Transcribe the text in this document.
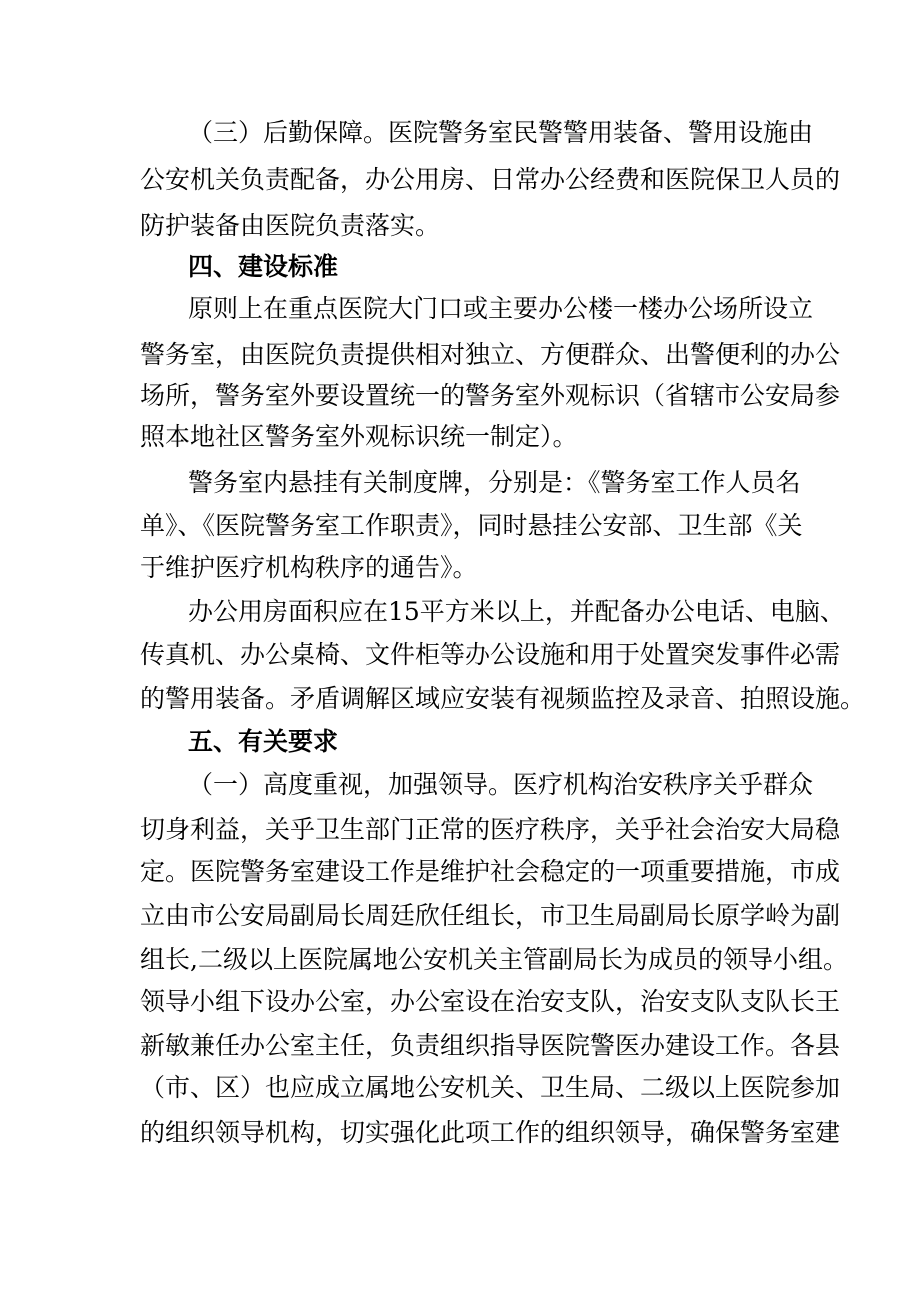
（三）后勤保障。医院警务室民警警用装备、警用设施由
公安机关负责配备，办公用房、日常办公经费和医院保卫人员的
防护装备由医院负责落实。
四、建设标准
原则上在重点医院大门口或主要办公楼一楼办公场所设立
警务室，由医院负责提供相对独立、方便群众、出警便利的办公
场所，警务室外要设置统一的警务室外观标识（省辖市公安局参
照本地社区警务室外观标识统一制定）。
警务室内悬挂有关制度牌，分别是：《警务室工作人员名
单》、《医院警务室工作职责》，同时悬挂公安部、卫生部《关
于维护医疗机构秩序的通告》。
办公用房面积应在15平方米以上，并配备办公电话、电脑、
传真机、办公桌椅、文件柜等办公设施和用于处置突发事件必需
的警用装备。矛盾调解区域应安装有视频监控及录音、拍照设施。
五、有关要求
（一）高度重视，加强领导。医疗机构治安秩序关乎群众
切身利益，关乎卫生部门正常的医疗秩序，关乎社会治安大局稳
定。医院警务室建设工作是维护社会稳定的一项重要措施，市成
立由市公安局副局长周廷欣任组长，市卫生局副局长原学岭为副
组长,二级以上医院属地公安机关主管副局长为成员的领导小组。
领导小组下设办公室，办公室设在治安支队，治安支队支队长王
新敏兼任办公室主任，负责组织指导医院警医办建设工作。各县
（市、区）也应成立属地公安机关、卫生局、二级以上医院参加
的组织领导机构，切实强化此项工作的组织领导，确保警务室建
